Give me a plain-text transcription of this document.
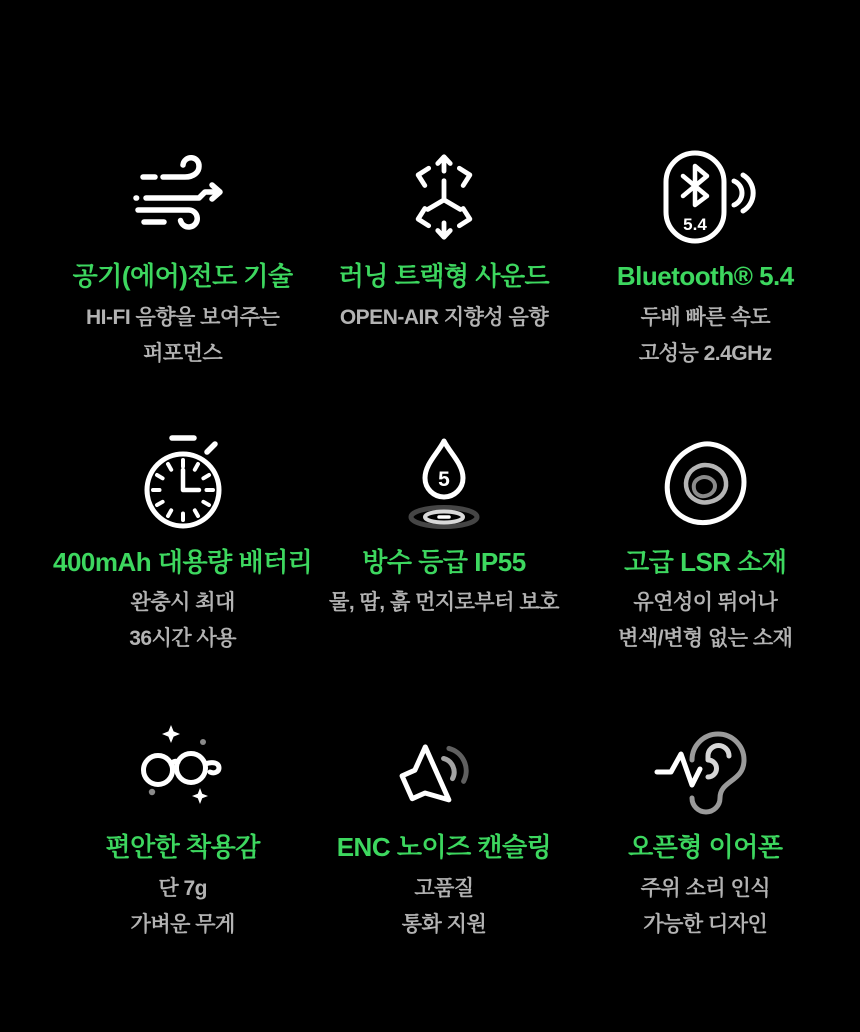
공기(에어)전도 기술
HI-FI 음향을 보여주는
퍼포먼스
러닝 트랙형 사운드
OPEN-AIR 지향성 음향
5.4
Bluetooth® 5.4
두배 빠른 속도
고성능 2.4GHz
400mAh 대용량 배터리
완충시 최대
36시간 사용
5
방수 등급 IP55
물, 땀, 흙 먼지로부터 보호
고급 LSR 소재
유연성이 뛰어나
변색/변형 없는 소재
편안한 착용감
단 7g
가벼운 무게
ENC 노이즈 캔슬링
고품질
통화 지원
오픈형 이어폰
주위 소리 인식
가능한 디자인
